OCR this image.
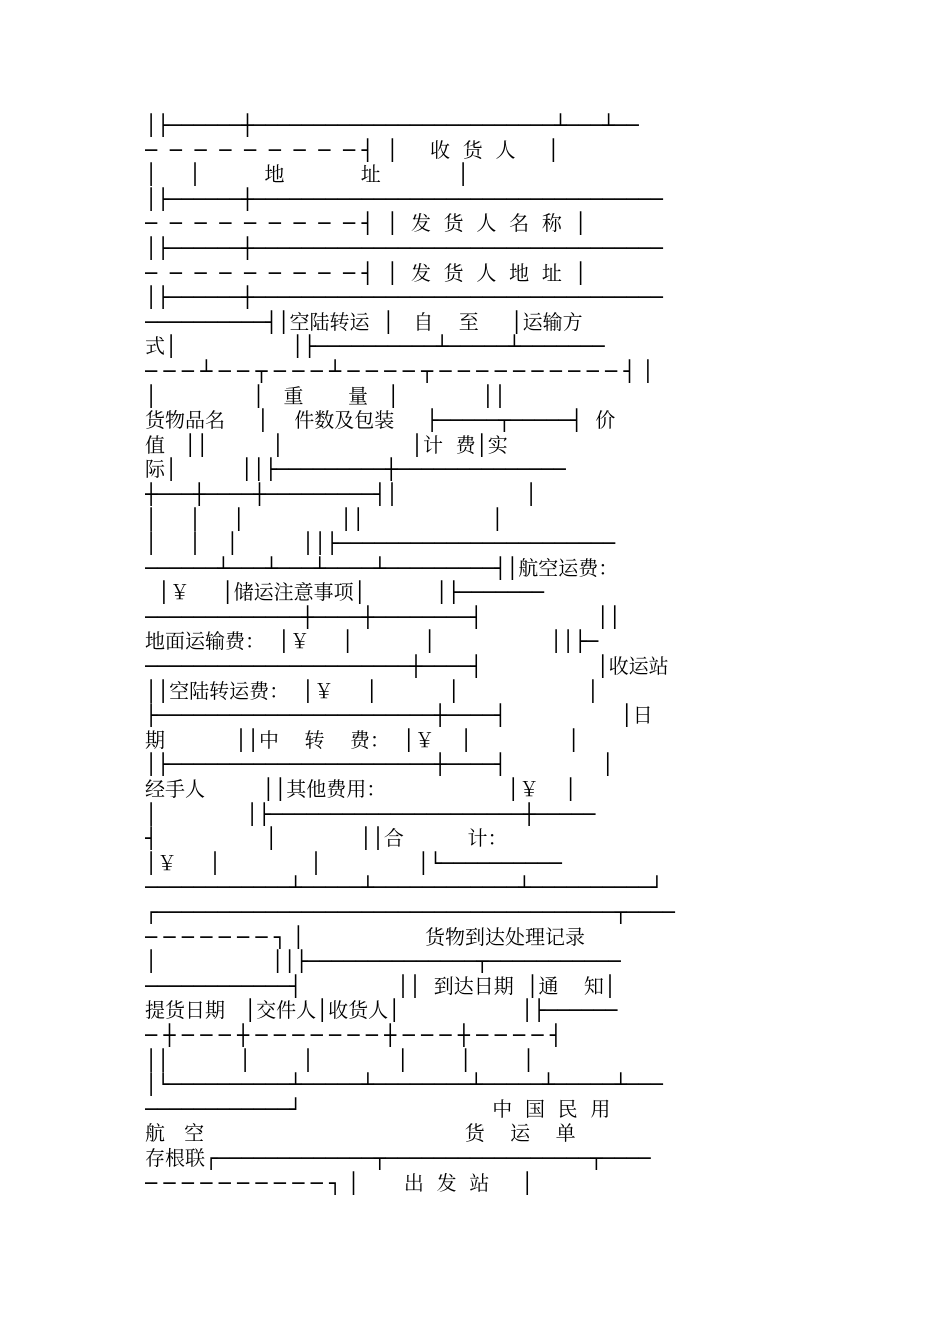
│├──────┼─────────────────────────┴───┴──
─  ─  ─  ─  ─  ─  ─  ─  ─ ┤  │     收  货  人     │
│     │          地            址            │
│├──────┼──────────────────────────────────
─  ─  ─  ─  ─  ─  ─  ─  ─ ┤  │  发  货  人  名  称  │
│├──────┼──────────────────────────────────
─  ─  ─  ─  ─  ─  ─  ─  ─ ┤  │  发  货  人  地  址  │
│├──────┼──────────────────────────────────
──────────┤│空陆转运  │   自    至     │运输方
式│                  │├──────────┴─────┴───────
─ ─ ─ ┴ ─ ─ ┬ ─ ─ ─ ┴ ─ ─ ─ ─ ┬ ─ ─ ─ ─ ─ ─ ─ ─ ─ ─ ┤ │
│               │   重       量   │             ││
货物品名     │    件数及包装     ├─────┬─────┤  价
值   ││          │                    │计  费│实
际│          ││├─────────┼──────────────
┼───┼────┼─────────┤│                    │
│     │     │               ││                    │
│     │    │          ││├───────────────────────
──────┴───┴───┴────┴─────────┤│航空运费：
│￥     │储运注意事项│           │├───────
─────────────┼────┼────────┤                  ││
地面运输费：  │￥     │           │                  ││├─
──────────────────────┼────┤                  │收运站
││空陆转运费：  │￥     │           │                    │
├───────────────────────┼────┤                  │日
期           ││中    转    费：  │￥    │               │
│├──────────────────────┼────┤               │
经手人         ││其他费用：                   │￥    │
│              │├─────────────────────┼─────
┤                 │             ││合          计：
│￥     │              │               │└──────────
────────────┴─────┴────────────┴──────────┘
┌──────────────────────────────────────┬────
─ ─ ─ ─ ─ ─ ─ ┐ │                   货物到达处理记录
│                  ││├──────────────┬───────────
────────────┤               ││  到达日期  │通    知│
提货日期   │交件人│收货人│                   │├──────
─ ┼ ─ ─ ─ ┼ ─ ─ ─ ─ ─ ─ ─ ┼ ─ ─ ─ ┼ ─ ─ ─ ─ ┤
││           │        │             │        │        │
│└──────────┴─────┴────────┴─────┴─────┴───
────────────┘                              中  国  民  用
航   空                                         货    运    单
存根联┌─────────────┬─────────────────┬────
─ ─ ─ ─ ─ ─ ─ ─ ─ ─ ┐ │       出  发  站     │
